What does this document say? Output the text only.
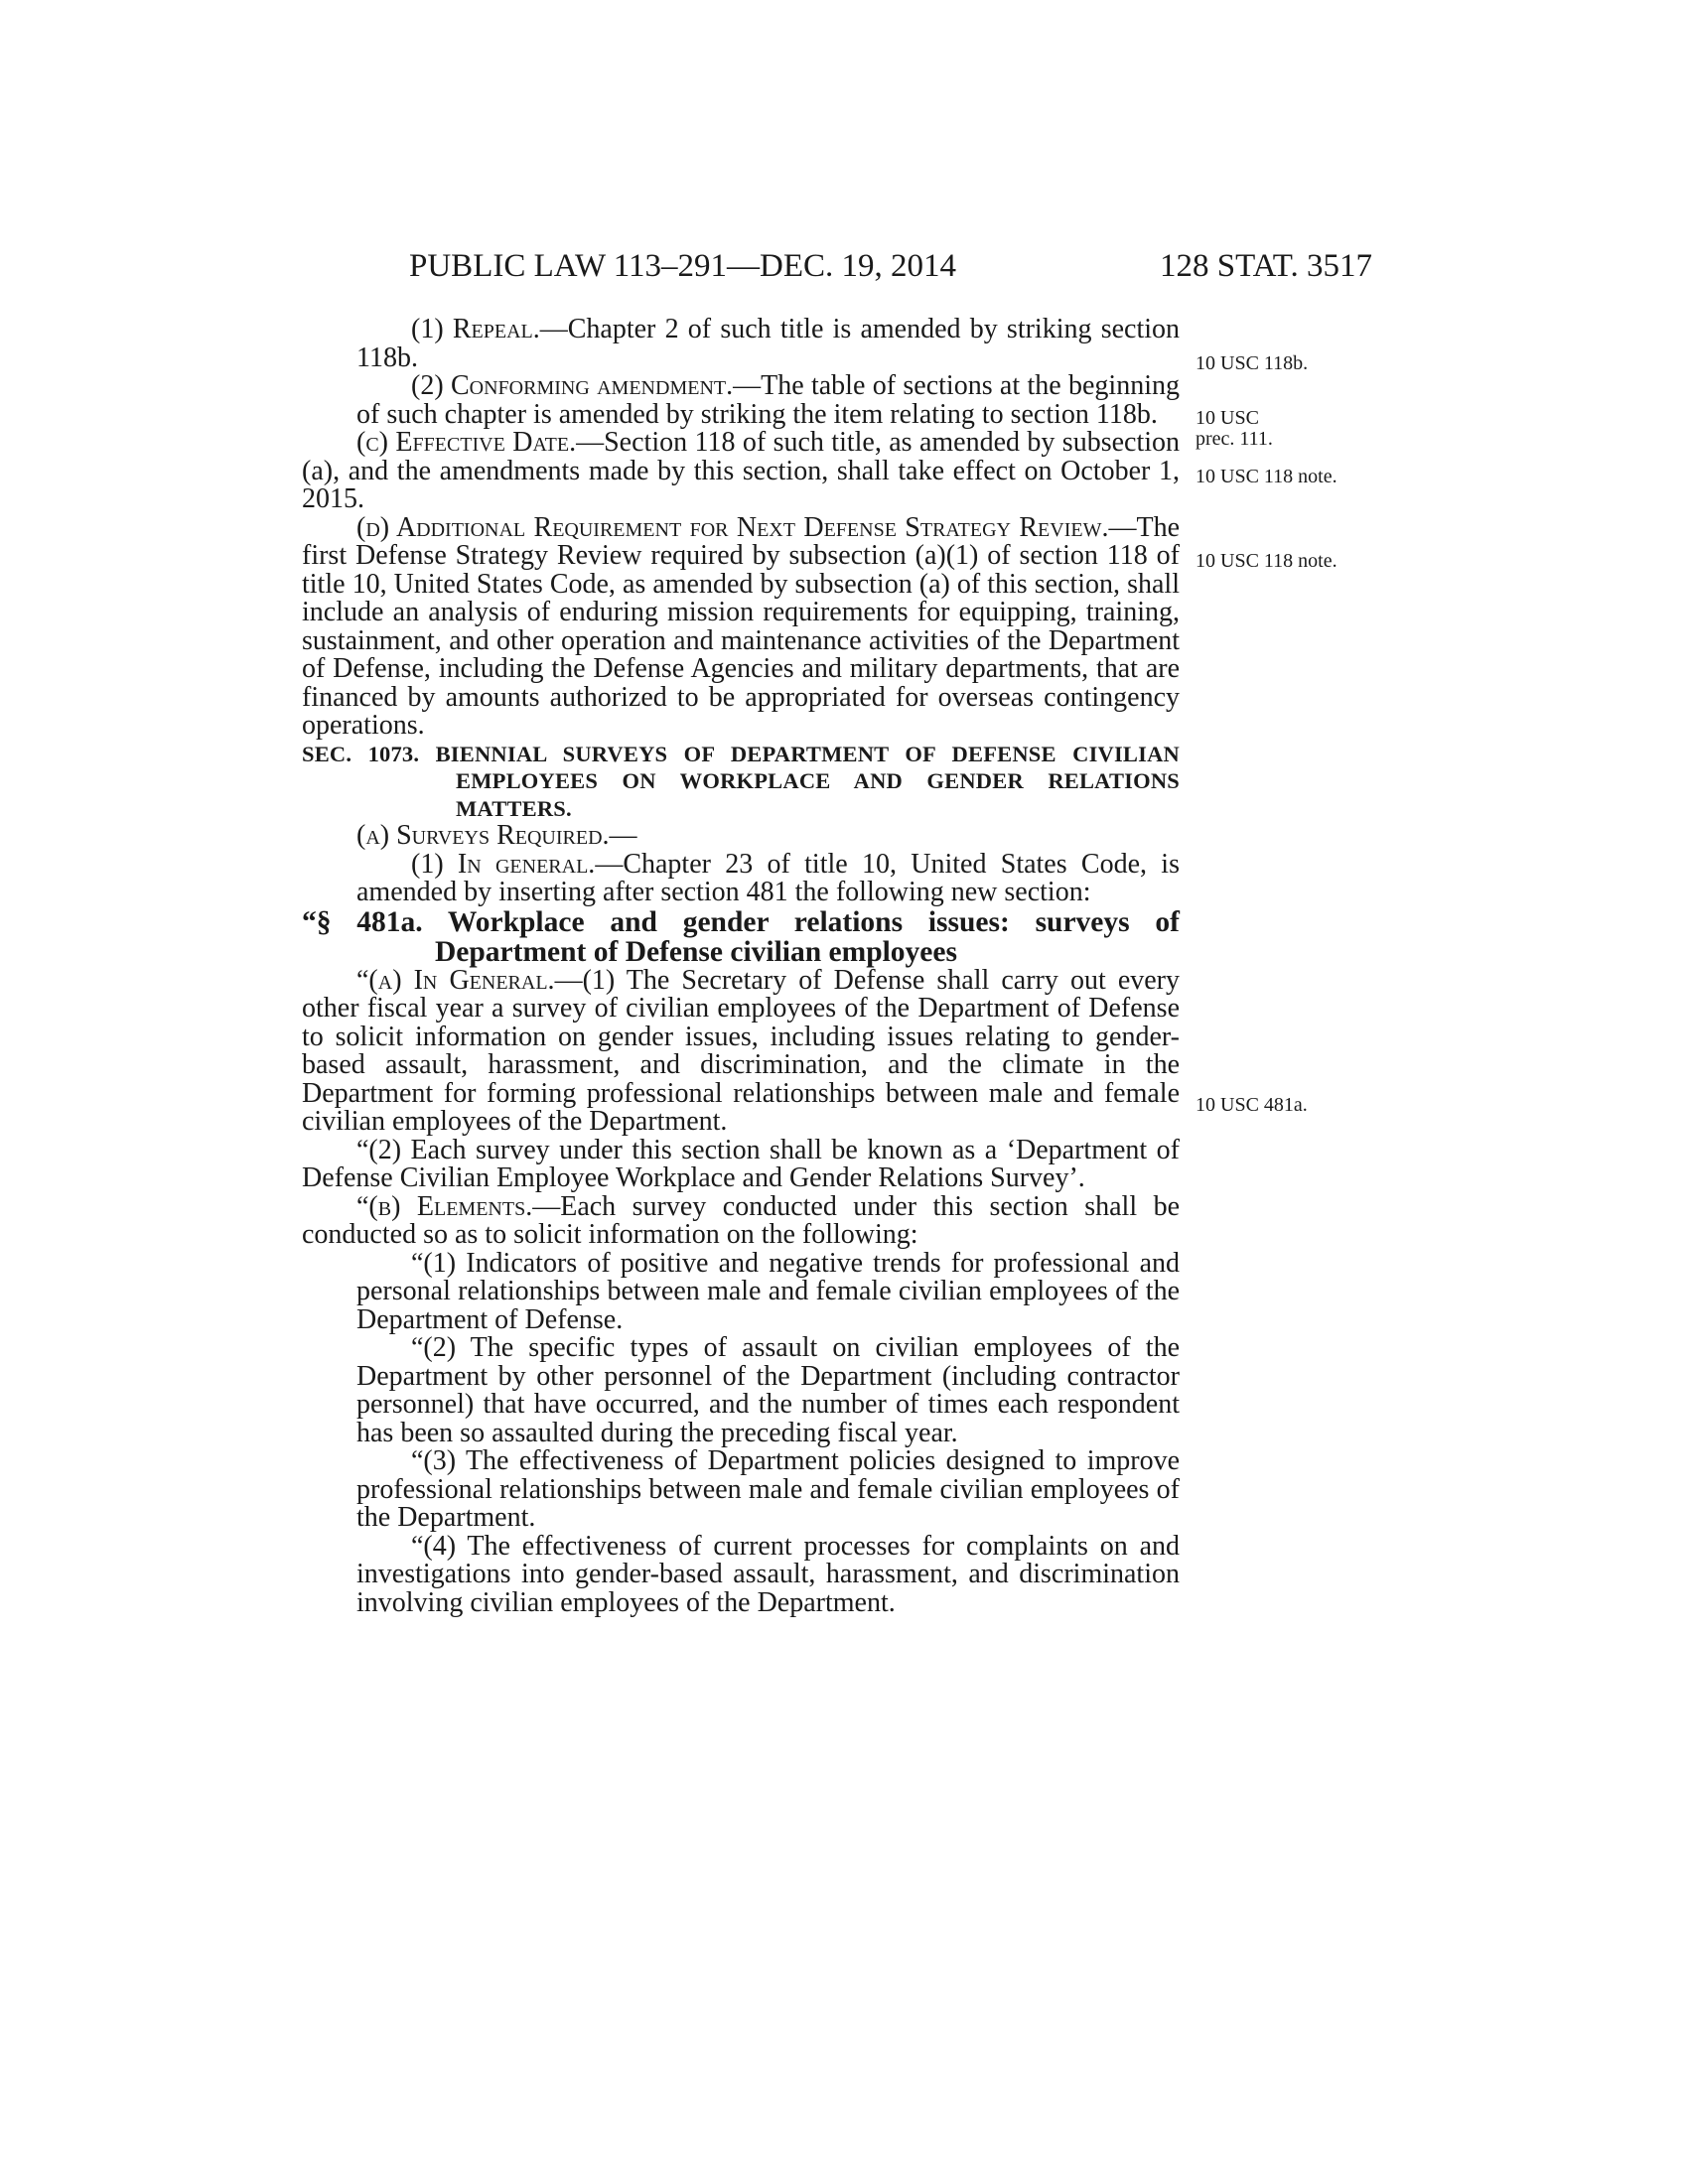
PUBLIC LAW 113–291—DEC. 19, 2014	128 STAT. 3517
10 USC 118b.
10 USC
prec. 111.
10 USC 118 note.
10 USC 118 note.
10 USC 481a.

(1) Repeal.—Chapter 2 of such title is amended by striking section 118b.

(2) Conforming amendment.—The table of sections at the beginning of such chapter is amended by striking the item relating to section 118b.

(c) Effective Date.—Section 118 of such title, as amended by subsection (a), and the amendments made by this section, shall take effect on October 1, 2015.

(d) Additional Requirement for Next Defense Strategy Review.—The first Defense Strategy Review required by subsection (a)(1) of section 118 of title 10, United States Code, as amended by subsection (a) of this section, shall include an analysis of enduring mission requirements for equipping, training, sustainment, and other operation and maintenance activities of the Department of Defense, including the Defense Agencies and military departments, that are financed by amounts authorized to be appropriated for overseas contingency operations.

SEC. 1073. BIENNIAL SURVEYS OF DEPARTMENT OF DEFENSE CIVILIAN EMPLOYEES ON WORKPLACE AND GENDER RELATIONS MATTERS.

(a) Surveys Required.—

(1) In general.—Chapter 23 of title 10, United States Code, is amended by inserting after section 481 the following new section:

“§ 481a. Workplace and gender relations issues: surveys of Department of Defense civilian employees

“(a) In General.—(1) The Secretary of Defense shall carry out every other fiscal year a survey of civilian employees of the Department of Defense to solicit information on gender issues, including issues relating to gender-based assault, harassment, and discrimination, and the climate in the Department for forming professional relationships between male and female civilian employees of the Department.

“(2) Each survey under this section shall be known as a ‘Department of Defense Civilian Employee Workplace and Gender Relations Survey’.

“(b) Elements.—Each survey conducted under this section shall be conducted so as to solicit information on the following:

“(1) Indicators of positive and negative trends for professional and personal relationships between male and female civilian employees of the Department of Defense.

“(2) The specific types of assault on civilian employees of the Department by other personnel of the Department (including contractor personnel) that have occurred, and the number of times each respondent has been so assaulted during the preceding fiscal year.

“(3) The effectiveness of Department policies designed to improve professional relationships between male and female civilian employees of the Department.

“(4) The effectiveness of current processes for complaints on and investigations into gender-based assault, harassment, and discrimination involving civilian employees of the Department.
